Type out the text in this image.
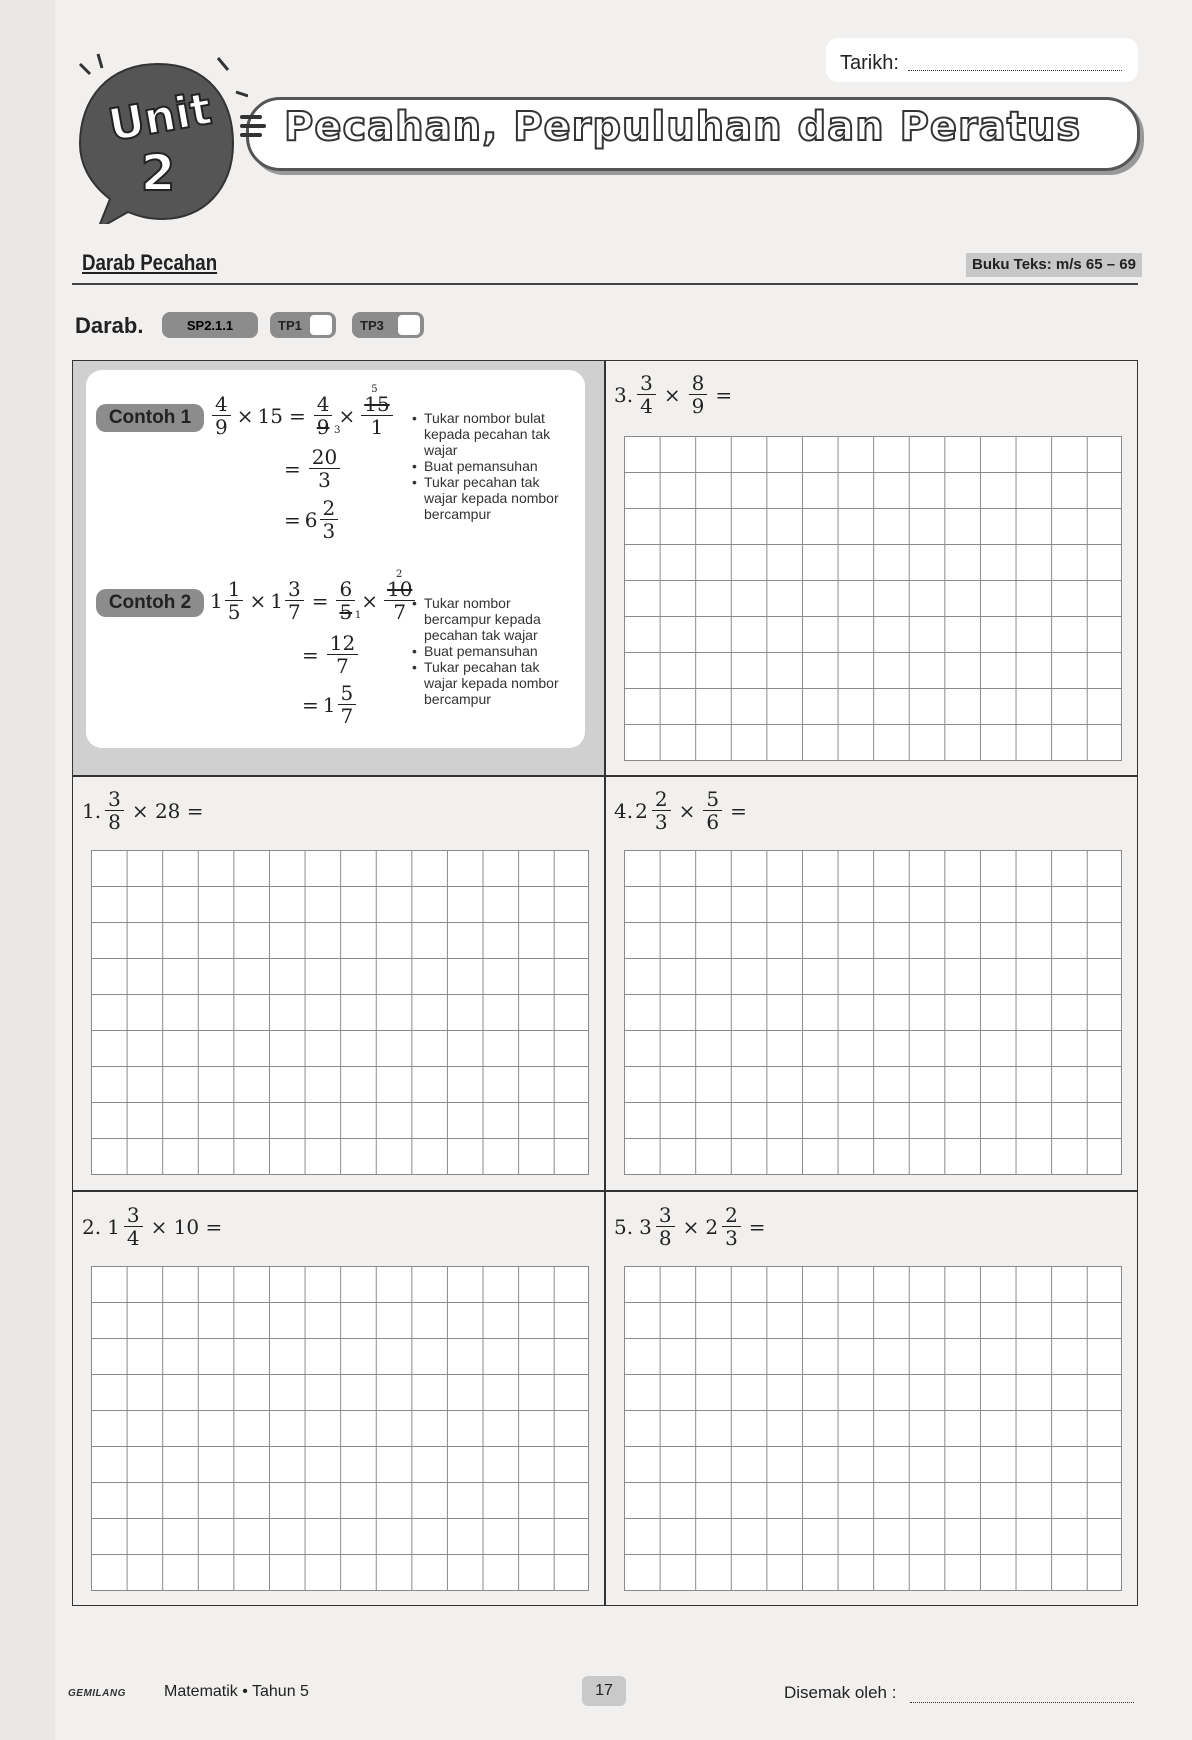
Unit
2
Tarikh:
Pecahan, Perpuluhan dan Peratus
Darab Pecahan	Buku Teks: m/s 65 – 69
Darab.	SP2.1.1	TP1	TP3
Contoh 1	$\frac{4}{9} \times 15 = 4$
9 3
× 15
1
5
= $\frac{20}{3}$
= $6 \frac{2}{3}$
• Tukar nombor bulat kepada pecahan tak wajar
• Buat pemansuhan
• Tukar pecahan tak wajar kepada nombor bercampur
Contoh 2 $1 \frac{1}{5} \times 1 \frac{3}{7} = 6$
5 1
× 10
7
2
= $\frac{12}{7}$
= $1 \frac{5}{7}$
• Tukar nombor bercampur kepada pecahan tak wajar
• Buat pemansuhan
• Tukar pecahan tak wajar kepada nombor bercampur
3. $\frac{3}{4} \times \frac{8}{9}$ =
1. $\frac{3}{8} \times 28$ =	4. $2 \frac{2}{3} \times \frac{5}{6}$ =
2. $1 \frac{3}{4} \times 10$ =	5. $3 \frac{3}{8} \times 2 \frac{2}{3}$ =
GEMILANG Matematik • Tahun 5	17	Disemak oleh :
